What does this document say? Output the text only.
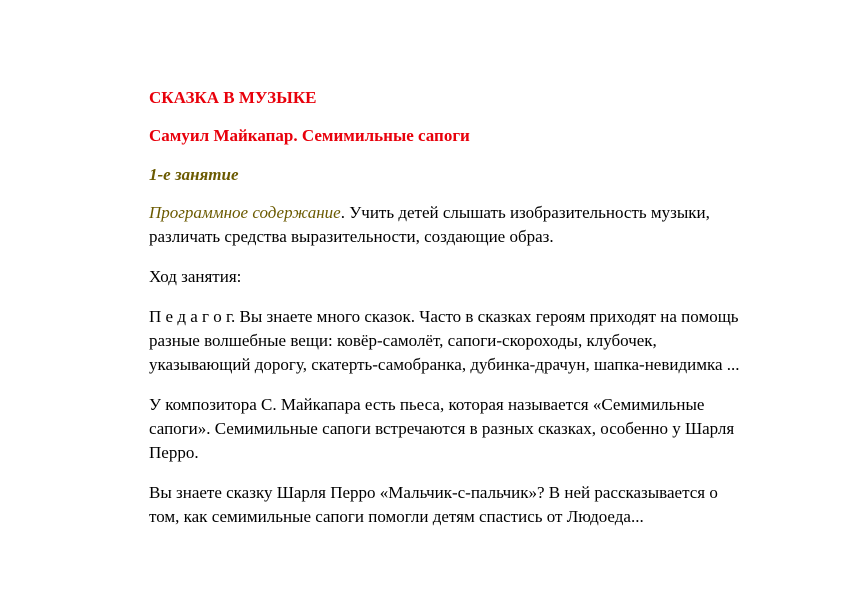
СКАЗКА В МУЗЫКЕ

Самуил Майкапар. Семимильные сапоги

1-е занятие

Программное содержание. Учить детей слышать изобразительность музыки, различать средства выразительности, создающие образ.

Ход занятия:

П е д а г о г. Вы знаете много сказок. Часто в сказках героям приходят на помощь разные волшебные вещи: ковёр-самолёт, сапоги-скороходы, клубочек, указывающий дорогу, скатерть-самобранка, дубинка-драчун, шапка-невидимка ...

У композитора С. Майкапара есть пьеса, которая называется «Семимильные сапоги». Семимильные сапоги встречаются в разных сказках, особенно у Шарля Перро.

Вы знаете сказку Шарля Перро «Мальчик-с-пальчик»? В ней рассказывается о том, как семимильные сапоги помогли детям спастись от Людоеда...
